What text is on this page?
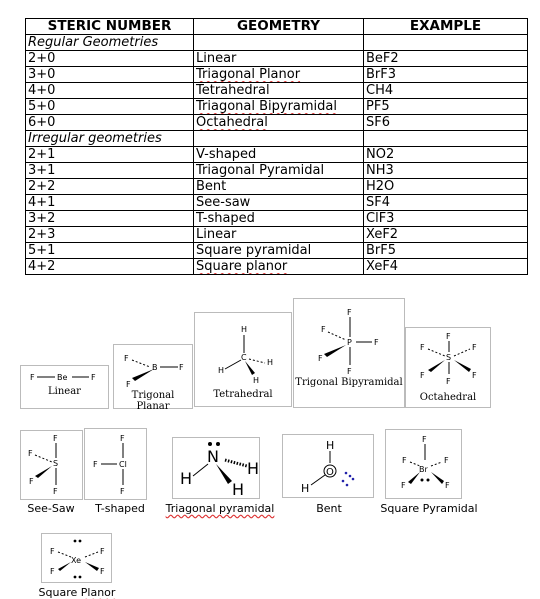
STERIC NUMBER	GEOMETRY	EXAMPLE
Regular Geometries		
2+0	Linear	BeF2
3+0	Triagonal Planor	BrF3
4+0	Tetrahedral	CH4
5+0	Triagonal Bipyramidal	PF5
6+0	Octahedral	SF6
Irregular geometries		
2+1	V-shaped	NO2
3+1	Triagonal Pyramidal	NH3
2+2	Bent	H2O
4+1	See-saw	SF4
3+2	T-shaped	ClF3
2+3	Linear	XeF2
5+1	Square pyramidal	BrF5
4+2	Square planor	XeF4
F	Be	F
Linear
F
B	F
F
Trigonal Planar
H
C
H
H
H
Tetrahedral
F
F
P	F
F
F
Trigonal Bipyramidal
F
F
S
F
F	F
F
Octahedral
F
F
S
F
F
See-Saw
F
F	Cl
F
T-shaped
N
H
H
H
Triagonal pyramidal
H
O
H
Bent
F
F
Br
F
F	F
Square Pyramidal
F
Xe
F
F	F
Square Planor
